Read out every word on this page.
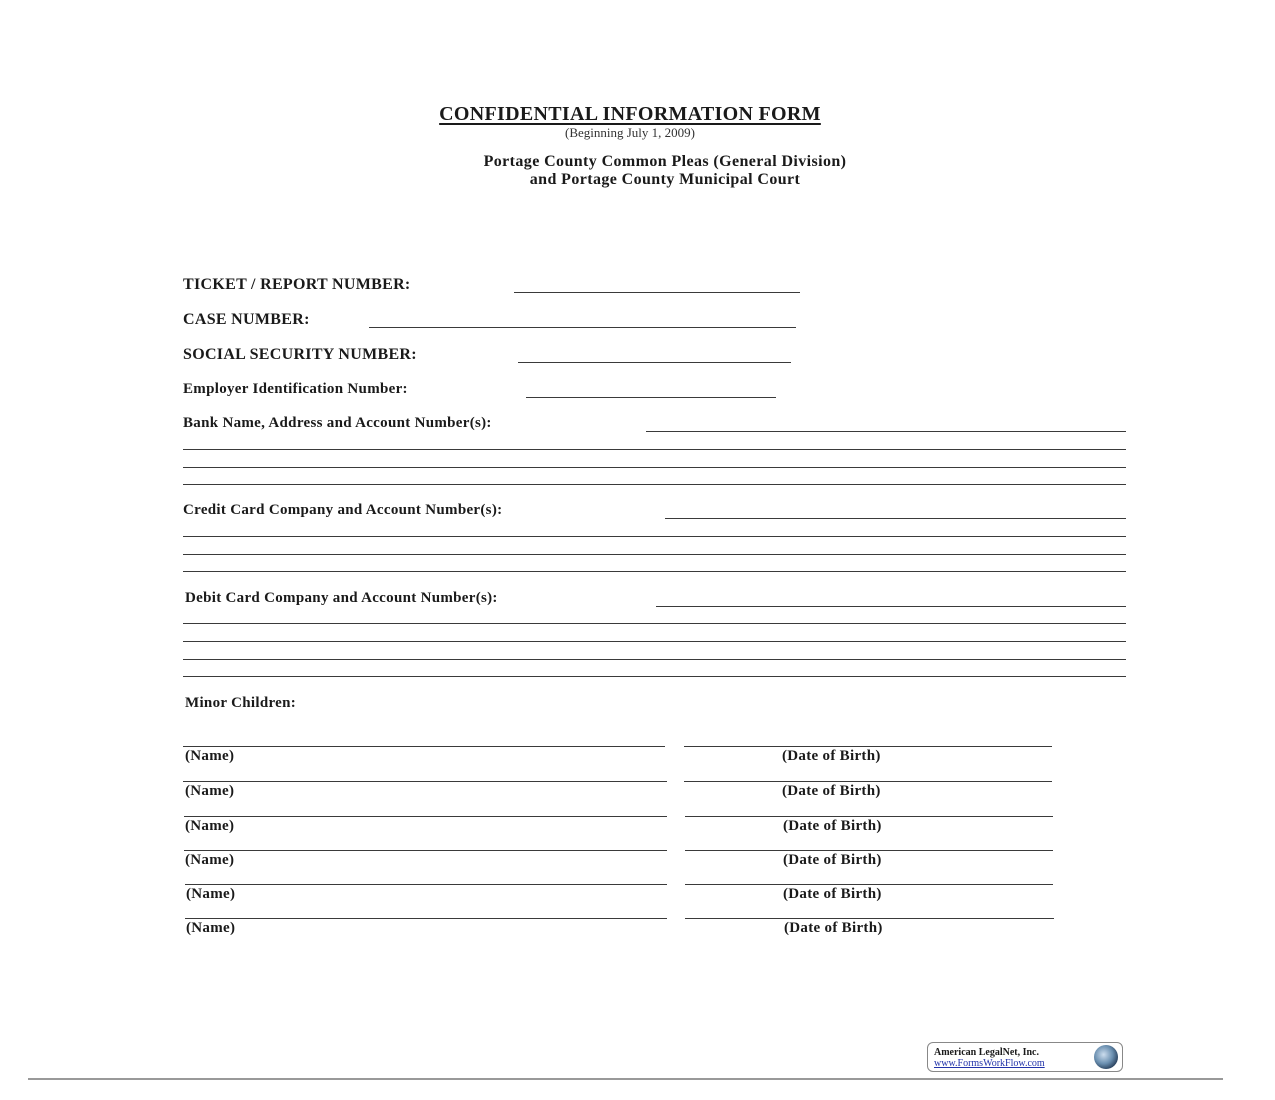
CONFIDENTIAL INFORMATION FORM
(Beginning July 1, 2009)
Portage County Common Pleas (General Division)
and Portage County Municipal Court
TICKET / REPORT NUMBER:
CASE NUMBER:
SOCIAL SECURITY NUMBER:
Employer Identification Number:
Bank Name, Address and Account Number(s):
Credit Card Company and Account Number(s):
Debit Card Company and Account Number(s):
Minor Children:
(Name)	(Date of Birth)
(Name)	(Date of Birth)
(Name)	(Date of Birth)
(Name)	(Date of Birth)
(Name)	(Date of Birth)
(Name)	(Date of Birth)
American LegalNet, Inc.
www.FormsWorkFlow.com
